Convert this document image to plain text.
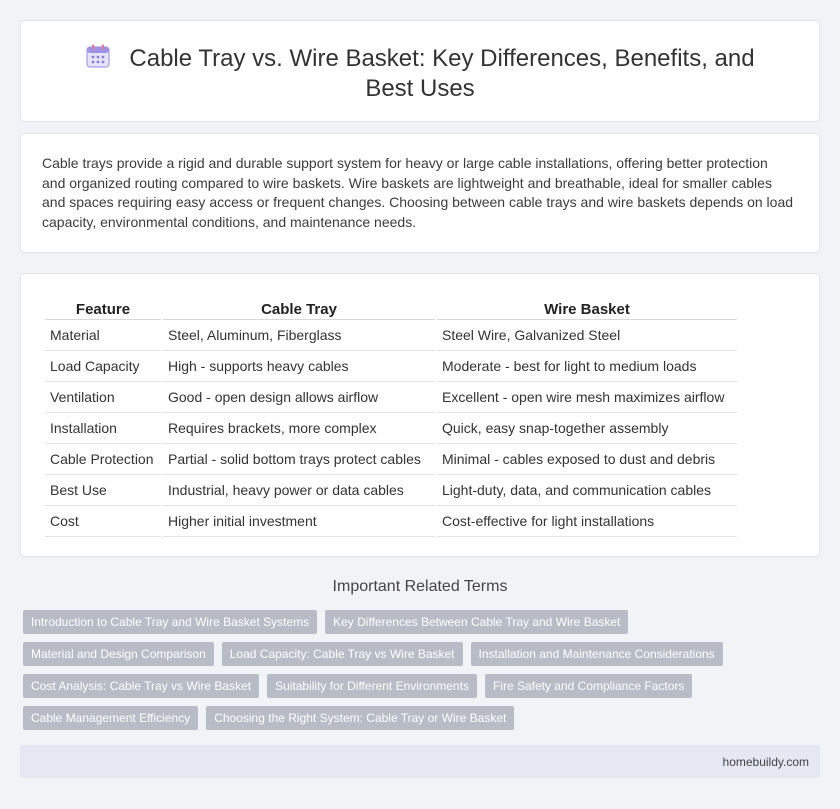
Cable Tray vs. Wire Basket: Key Differences, Benefits, and Best Uses

Cable trays provide a rigid and durable support system for heavy or large cable installations, offering better protection and organized routing compared to wire baskets. Wire baskets are lightweight and breathable, ideal for smaller cables and spaces requiring easy access or frequent changes. Choosing between cable trays and wire baskets depends on load capacity, environmental conditions, and maintenance needs.

Feature	Cable Tray	Wire Basket
Material	Steel, Aluminum, Fiberglass	Steel Wire, Galvanized Steel
Load Capacity	High - supports heavy cables	Moderate - best for light to medium loads
Ventilation	Good - open design allows airflow	Excellent - open wire mesh maximizes airflow
Installation	Requires brackets, more complex	Quick, easy snap-together assembly
Cable Protection	Partial - solid bottom trays protect cables	Minimal - cables exposed to dust and debris
Best Use	Industrial, heavy power or data cables	Light-duty, data, and communication cables
Cost	Higher initial investment	Cost-effective for light installations
Important Related Terms
Introduction to Cable Tray and Wire Basket Systems	Key Differences Between Cable Tray and Wire Basket
Material and Design Comparison	Load Capacity: Cable Tray vs Wire Basket	Installation and Maintenance Considerations
Cost Analysis: Cable Tray vs Wire Basket	Suitability for Different Environments	Fire Safety and Compliance Factors
Cable Management Efficiency	Choosing the Right System: Cable Tray or Wire Basket
homebuildy.com
